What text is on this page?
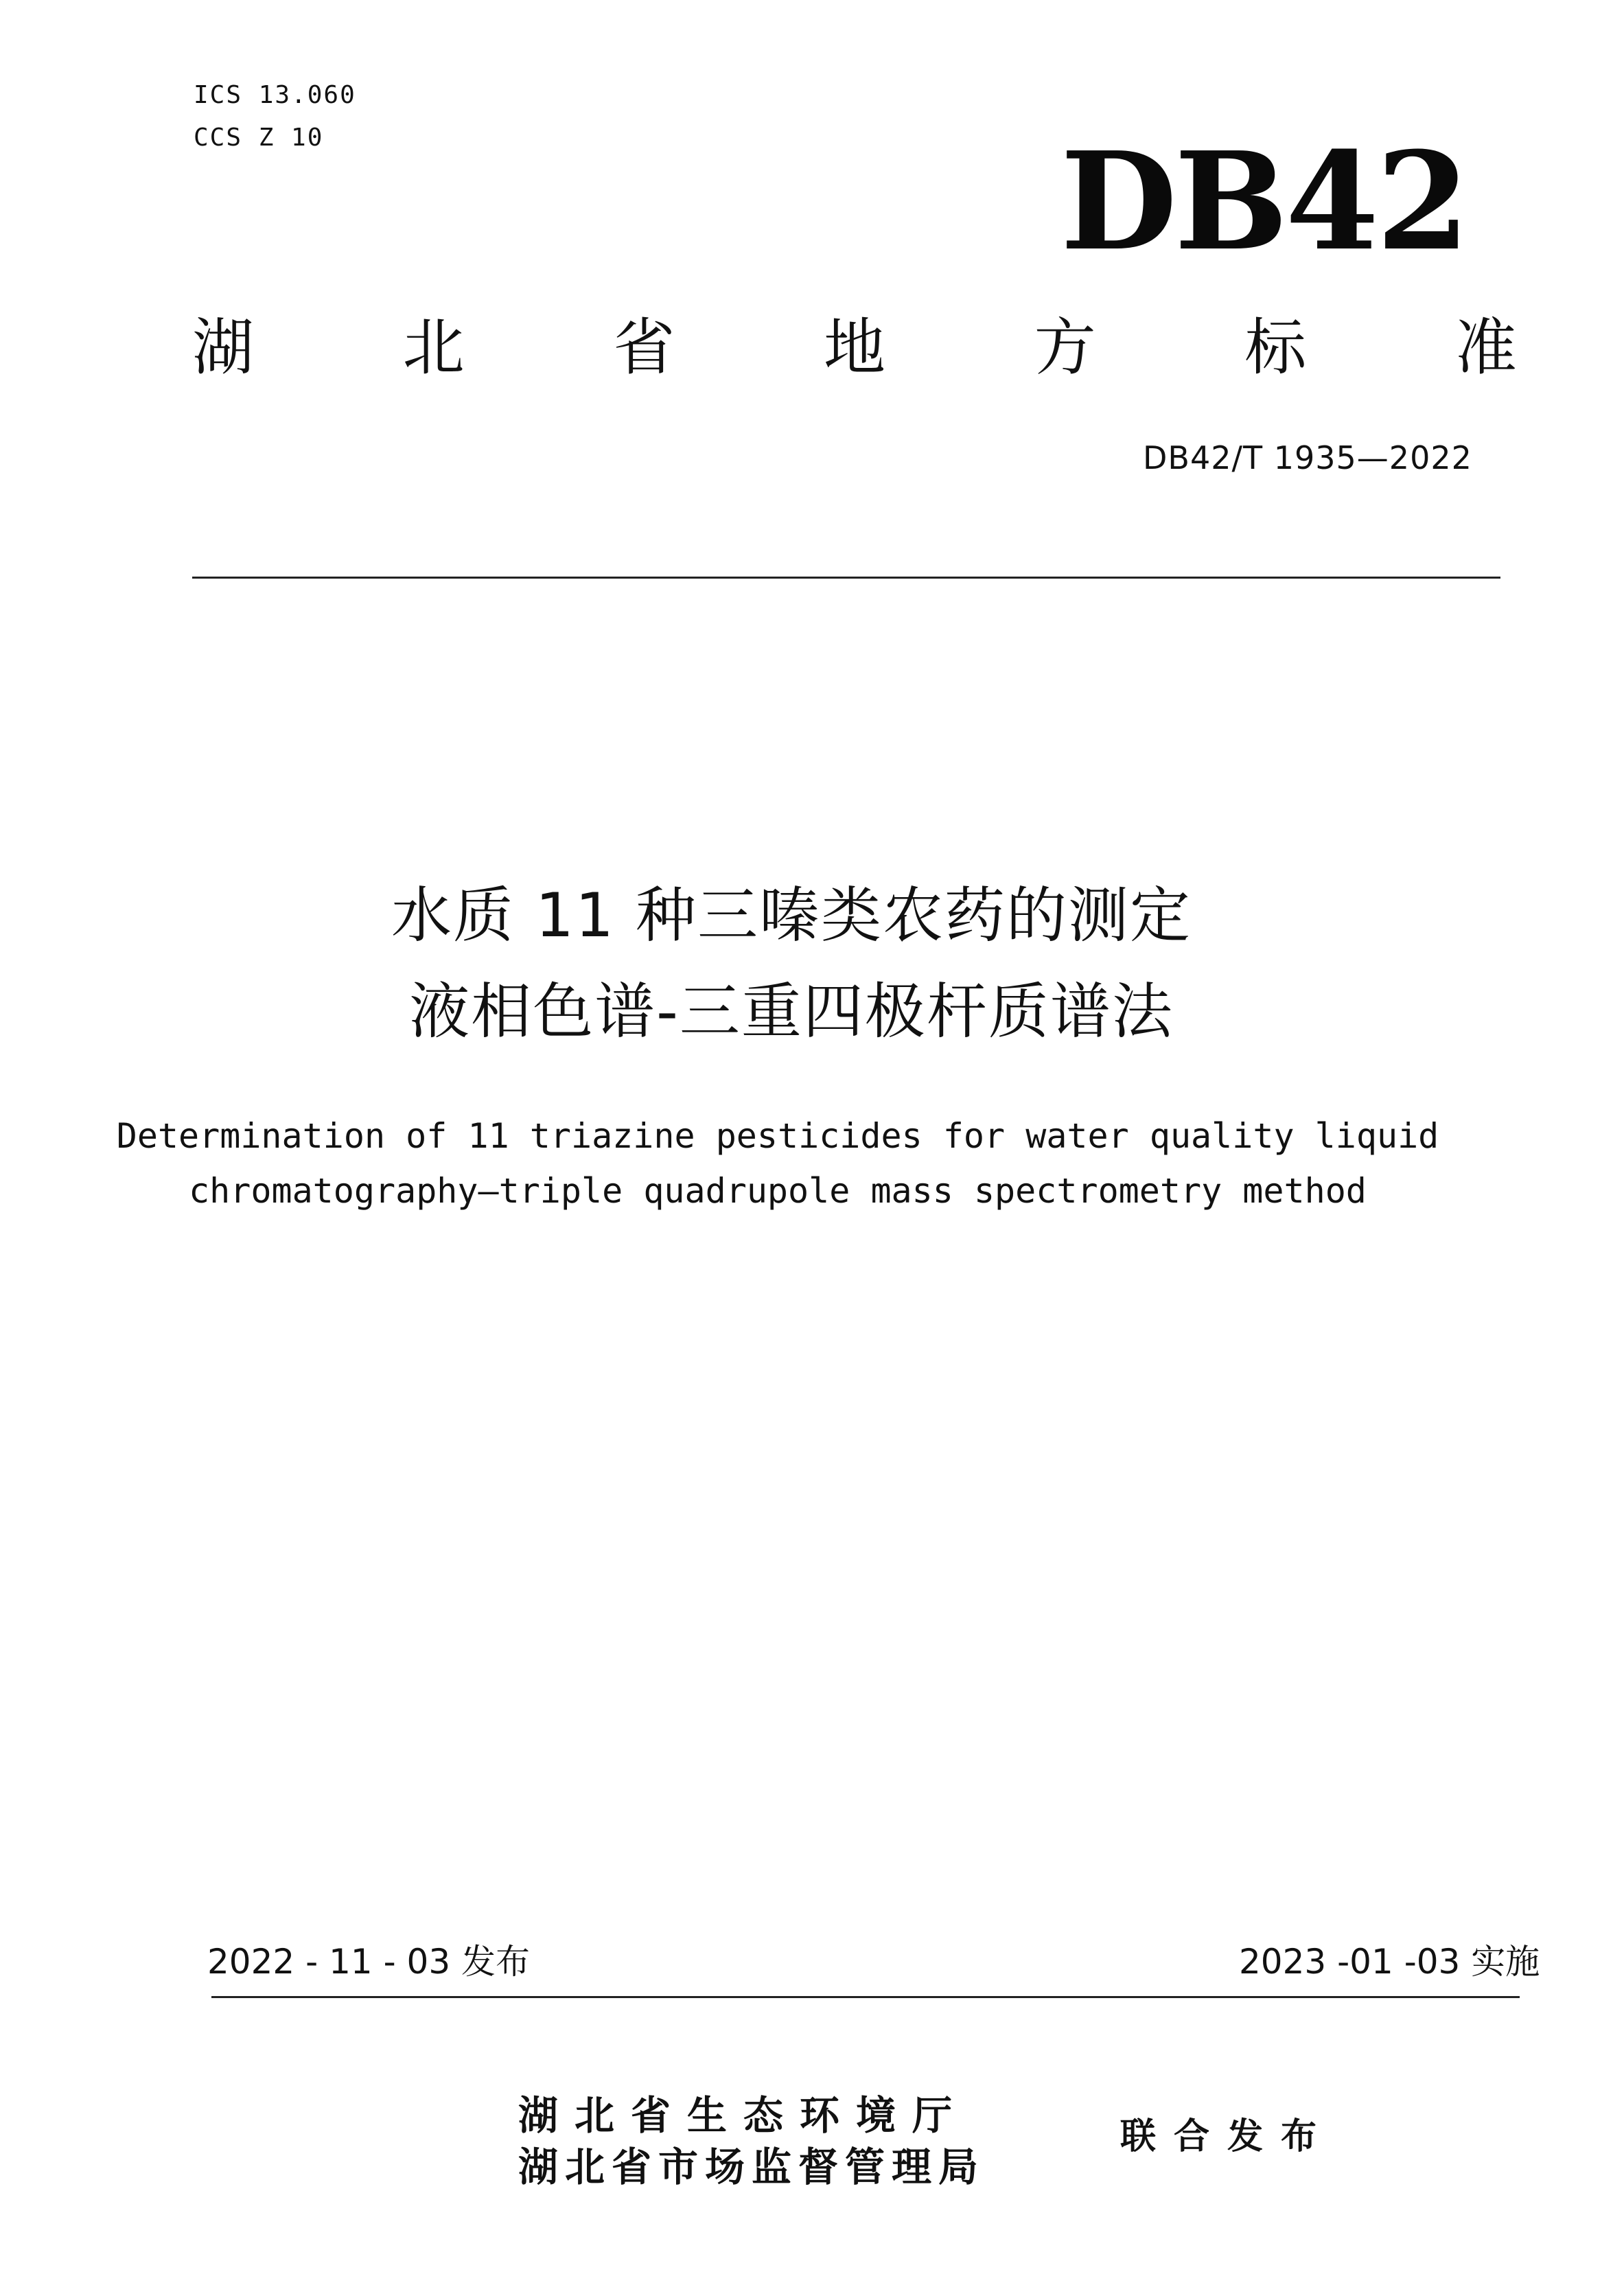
ICS 13.060
CCS Z 10	DB42
湖 北 省 地 方 标 准
DB42/T 1935—2022
水质 11 种三嗪类农药的测定
液相色谱-三重四极杆质谱法
Determination of 11 triazine pesticides for water quality liquid
chromatography—triple quadrupole mass spectrometry method
2022 - 11 - 03 发布	2023 -01 -03 实施
湖北省生态环境厅
湖北省市场监督管理局
联合发布
